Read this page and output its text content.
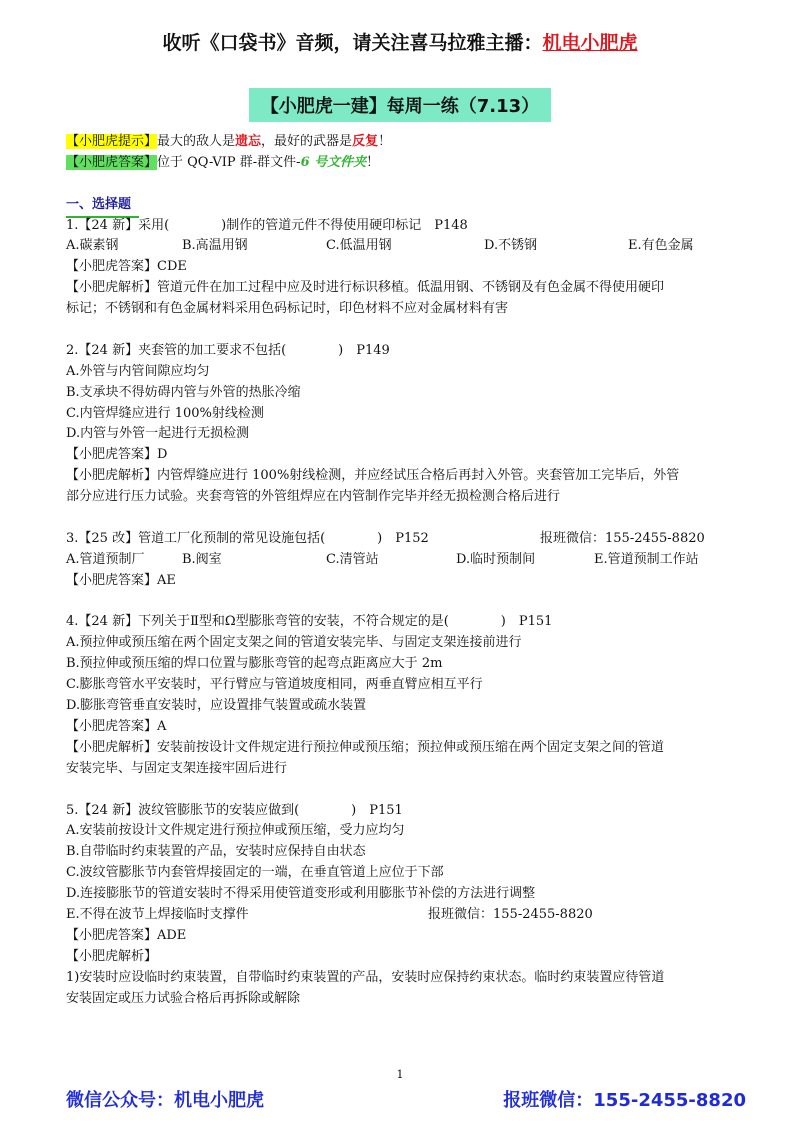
收听《口袋书》音频，请关注喜马拉雅主播：机电小肥虎
【小肥虎一建】每周一练（7.13）
【小肥虎提示】最大的敌人是遗忘，最好的武器是反复！
【小肥虎答案】位于 QQ-VIP 群-群文件-6 号文件夹！
一、选择题
1.【24 新】采用(　　　　)制作的管道元件不得使用硬印标记　P148
A.碳素钢	B.高温用钢	C.低温用钢	D.不锈钢	E.有色金属
【小肥虎答案】CDE
【小肥虎解析】管道元件在加工过程中应及时进行标识移植。低温用钢、不锈钢及有色金属不得使用硬印
标记；不锈钢和有色金属材料采用色码标记时，印色材料不应对金属材料有害
2.【24 新】夹套管的加工要求不包括(　　　　)　P149
A.外管与内管间隙应均匀
B.支承块不得妨碍内管与外管的热胀冷缩
C.内管焊缝应进行 100%射线检测
D.内管与外管一起进行无损检测
【小肥虎答案】D
【小肥虎解析】内管焊缝应进行 100%射线检测，并应经试压合格后再封入外管。夹套管加工完毕后，外管
部分应进行压力试验。夹套弯管的外管组焊应在内管制作完毕并经无损检测合格后进行
3.【25 改】管道工厂化预制的常见设施包括(　　　　)　P152	报班微信：155-2455-8820
A.管道预制厂	B.阀室	C.清管站	D.临时预制间	E.管道预制工作站
【小肥虎答案】AE
4.【24 新】下列关于Ⅱ型和Ω型膨胀弯管的安装，不符合规定的是(　　　　)　P151
A.预拉伸或预压缩在两个固定支架之间的管道安装完毕、与固定支架连接前进行
B.预拉伸或预压缩的焊口位置与膨胀弯管的起弯点距离应大于 2m
C.膨胀弯管水平安装时，平行臂应与管道坡度相同，两垂直臂应相互平行
D.膨胀弯管垂直安装时，应设置排气装置或疏水装置
【小肥虎答案】A
【小肥虎解析】安装前按设计文件规定进行预拉伸或预压缩；预拉伸或预压缩在两个固定支架之间的管道
安装完毕、与固定支架连接牢固后进行
5.【24 新】波纹管膨胀节的安装应做到(　　　　)　P151
A.安装前按设计文件规定进行预拉伸或预压缩，受力应均匀
B.自带临时约束装置的产品，安装时应保持自由状态
C.波纹管膨胀节内套管焊接固定的一端，在垂直管道上应位于下部
D.连接膨胀节的管道安装时不得采用使管道变形或利用膨胀节补偿的方法进行调整
E.不得在波节上焊接临时支撑件	报班微信：155-2455-8820
【小肥虎答案】ADE
【小肥虎解析】
1)安装时应设临时约束装置，自带临时约束装置的产品，安装时应保持约束状态。临时约束装置应待管道
安装固定或压力试验合格后再拆除或解除
1
微信公众号：机电小肥虎	报班微信：155-2455-8820
